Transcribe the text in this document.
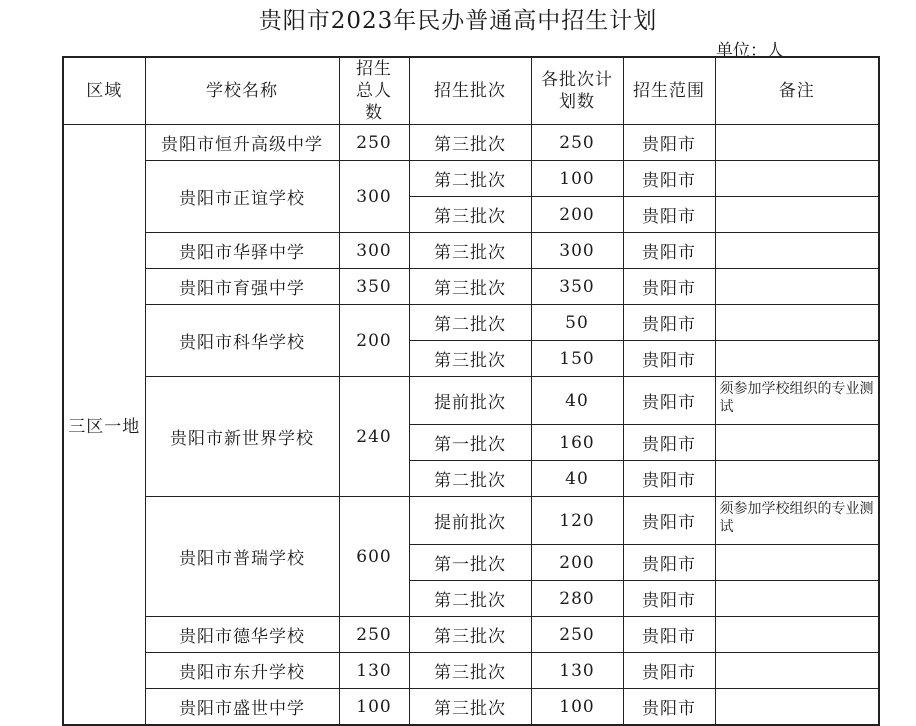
贵阳市2023年民办普通高中招生计划
单位：人
区域	学校名称	招生总人数	招生批次	各批次计划数	招生范围	备注
三区一地	贵阳市恒升高级中学	250	第三批次	250	贵阳市	
	贵阳市正谊学校	300	第二批次	100	贵阳市	
			第三批次	200	贵阳市	
	贵阳市华驿中学	300	第三批次	300	贵阳市	
	贵阳市育强中学	350	第三批次	350	贵阳市	
	贵阳市科华学校	200	第二批次	50	贵阳市	
			第三批次	150	贵阳市	
	贵阳市新世界学校	240	提前批次	40	贵阳市	须参加学校组织的专业测试
			第一批次	160	贵阳市	
			第二批次	40	贵阳市	
	贵阳市普瑞学校	600	提前批次	120	贵阳市	须参加学校组织的专业测试
			第一批次	200	贵阳市	
			第二批次	280	贵阳市	
	贵阳市德华学校	250	第三批次	250	贵阳市	
	贵阳市东升学校	130	第三批次	130	贵阳市	
	贵阳市盛世中学	100	第三批次	100	贵阳市	
